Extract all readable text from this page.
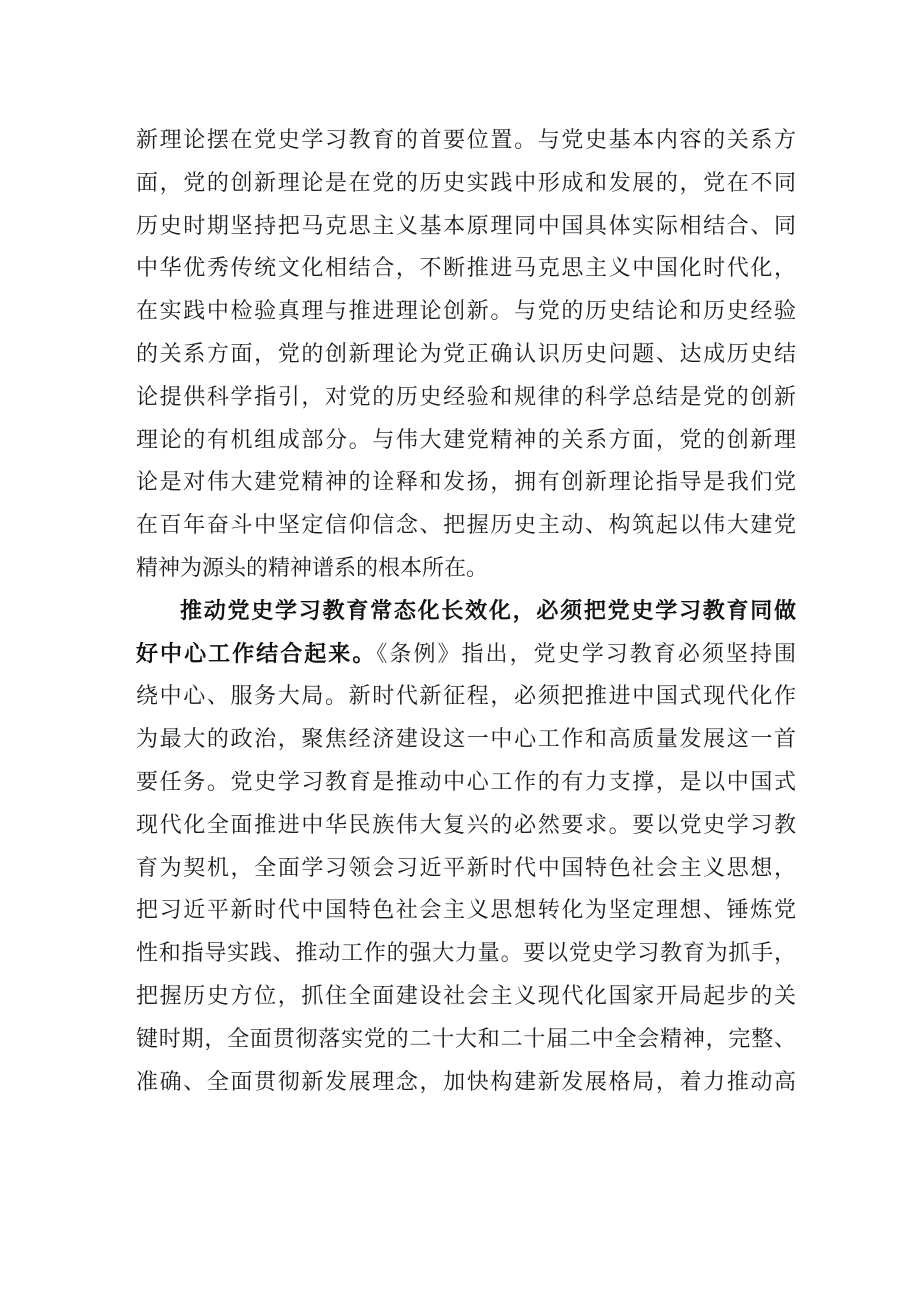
新理论摆在党史学习教育的首要位置。与党史基本内容的关系方
面，党的创新理论是在党的历史实践中形成和发展的，党在不同
历史时期坚持把马克思主义基本原理同中国具体实际相结合、同
中华优秀传统文化相结合，不断推进马克思主义中国化时代化，
在实践中检验真理与推进理论创新。与党的历史结论和历史经验
的关系方面，党的创新理论为党正确认识历史问题、达成历史结
论提供科学指引，对党的历史经验和规律的科学总结是党的创新
理论的有机组成部分。与伟大建党精神的关系方面，党的创新理
论是对伟大建党精神的诠释和发扬，拥有创新理论指导是我们党
在百年奋斗中坚定信仰信念、把握历史主动、构筑起以伟大建党
精神为源头的精神谱系的根本所在。
推动党史学习教育常态化长效化，必须把党史学习教育同做
好中心工作结合起来。《条例》指出，党史学习教育必须坚持围
绕中心、服务大局。新时代新征程，必须把推进中国式现代化作
为最大的政治，聚焦经济建设这一中心工作和高质量发展这一首
要任务。党史学习教育是推动中心工作的有力支撑，是以中国式
现代化全面推进中华民族伟大复兴的必然要求。要以党史学习教
育为契机，全面学习领会习近平新时代中国特色社会主义思想，
把习近平新时代中国特色社会主义思想转化为坚定理想、锤炼党
性和指导实践、推动工作的强大力量。要以党史学习教育为抓手，
把握历史方位，抓住全面建设社会主义现代化国家开局起步的关
键时期，全面贯彻落实党的二十大和二十届二中全会精神，完整、
准确、全面贯彻新发展理念，加快构建新发展格局，着力推动高
